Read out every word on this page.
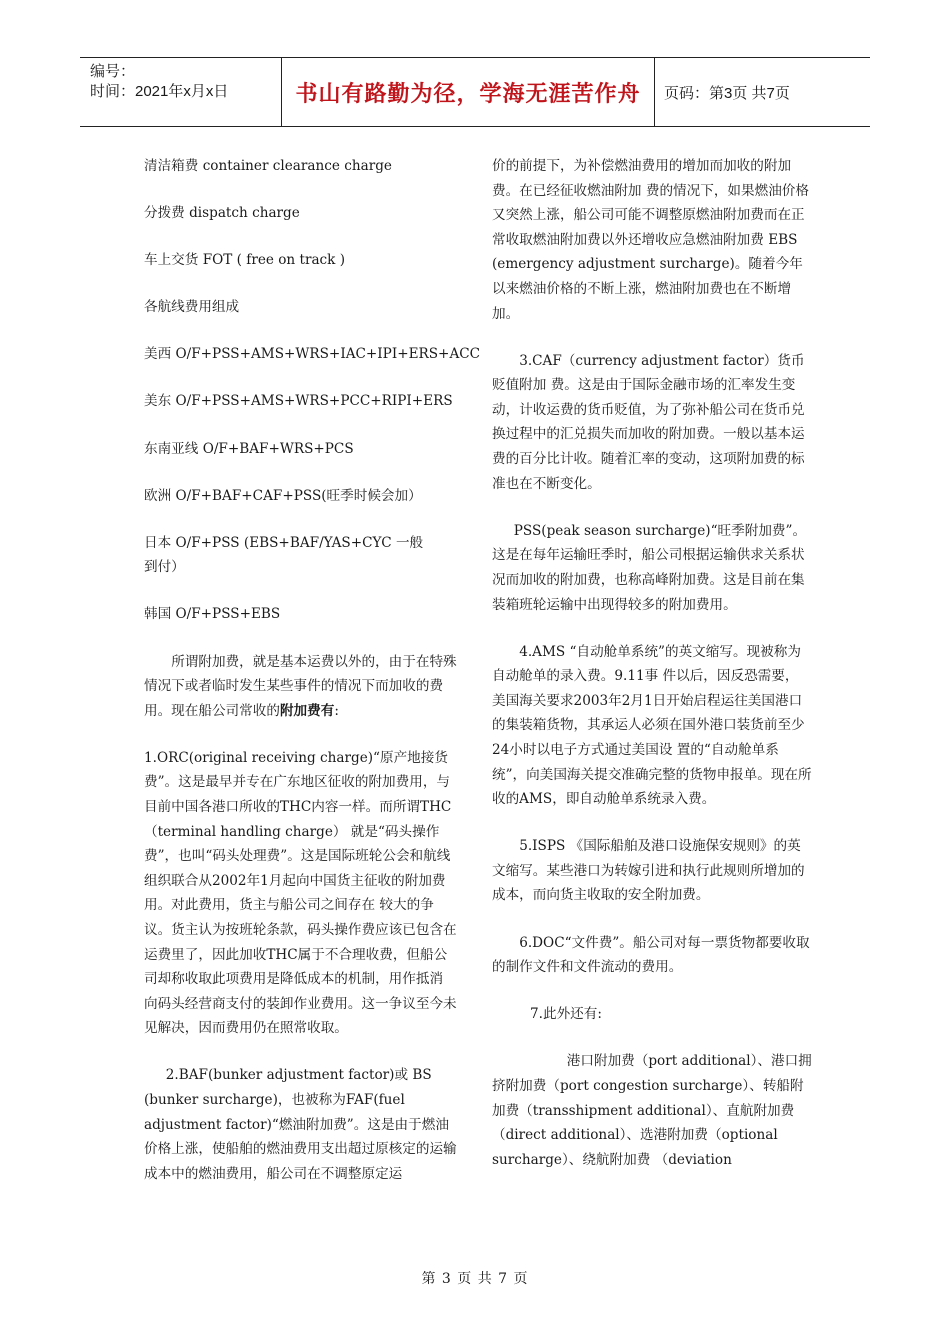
编号：
时间：2021年x月x日	书山有路勤为径，学海无涯苦作舟	页码：第3页 共7页

清洁箱费 container clearance charge

分拨费 dispatch charge

车上交货 FOT ( free on track )

各航线费用组成

美西 O/F+PSS+AMS+WRS+IAC+IPI+ERS+ACC

美东 O/F+PSS+AMS+WRS+PCC+RIPI+ERS

东南亚线 O/F+BAF+WRS+PCS

欧洲 O/F+BAF+CAF+PSS(旺季时候会加）

日本 O/F+PSS (EBS+BAF/YAS+CYC 一般到付）

韩国 O/F+PSS+EBS

所谓附加费，就是基本运费以外的，由于在特殊情况下或者临时发生某些事件的情况下而加收的费用。现在船公司常收的附加费有:

1.ORC(original receiving charge)“原产地接货费”。这是最早并专在广东地区征收的附加费用，与目前中国各港口所收的THC内容一样。而所谓THC（terminal handling charge） 就是“码头操作费”，也叫“码头处理费”。这是国际班轮公会和航线组织联合从2002年1月起向中国货主征收的附加费用。对此费用，货主与船公司之间存在 较大的争议。货主认为按班轮条款，码头操作费应该已包含在运费里了，因此加收THC属于不合理收费，但船公司却称收取此项费用是降低成本的机制，用作抵消 向码头经营商支付的装卸作业费用。这一争议至今未见解决，因而费用仍在照常收取。

2.BAF(bunker adjustment factor)或 BS (bunker surcharge)，也被称为FAF(fuel adjustment factor)“燃油附加费”。这是由于燃油价格上涨，使船舶的燃油费用支出超过原核定的运输成本中的燃油费用，船公司在不调整原定运

价的前提下，为补偿燃油费用的增加而加收的附加费。在已经征收燃油附加 费的情况下，如果燃油价格又突然上涨，船公司可能不调整原燃油附加费而在正常收取燃油附加费以外还增收应急燃油附加费 EBS (emergency adjustment surcharge)。随着今年以来燃油价格的不断上涨，燃油附加费也在不断增加。

3.CAF（currency adjustment factor）货币贬值附加 费。这是由于国际金融市场的汇率发生变动，计收运费的货币贬值，为了弥补船公司在货币兑换过程中的汇兑损失而加收的附加费。一般以基本运费的百分比计收。随着汇率的变动，这项附加费的标准也在不断变化。

PSS(peak season surcharge)“旺季附加费”。这是在每年运输旺季时，船公司根据运输供求关系状况而加收的附加费，也称高峰附加费。这是目前在集装箱班轮运输中出现得较多的附加费用。

4.AMS “自动舱单系统”的英文缩写。现被称为自动舱单的录入费。9.11事 件以后，因反恐需要，美国海关要求2003年2月1日开始启程运往美国港口的集装箱货物，其承运人必须在国外港口装货前至少24小时以电子方式通过美国设 置的“自动舱单系统”，向美国海关提交准确完整的货物申报单。现在所收的AMS，即自动舱单系统录入费。

5.ISPS 《国际船舶及港口设施保安规则》的英文缩写。某些港口为转嫁引进和执行此规则所增加的成本，而向货主收取的安全附加费。

6.DOC“文件费”。船公司对每一票货物都要收取的制作文件和文件流动的费用。

7.此外还有:

港口附加费（port additional）、港口拥挤附加费（port congestion surcharge）、转船附加费（transshipment additional）、直航附加费（direct additional）、选港附加费（optional surcharge）、绕航附加费 （deviation

第 3 页 共 7 页
